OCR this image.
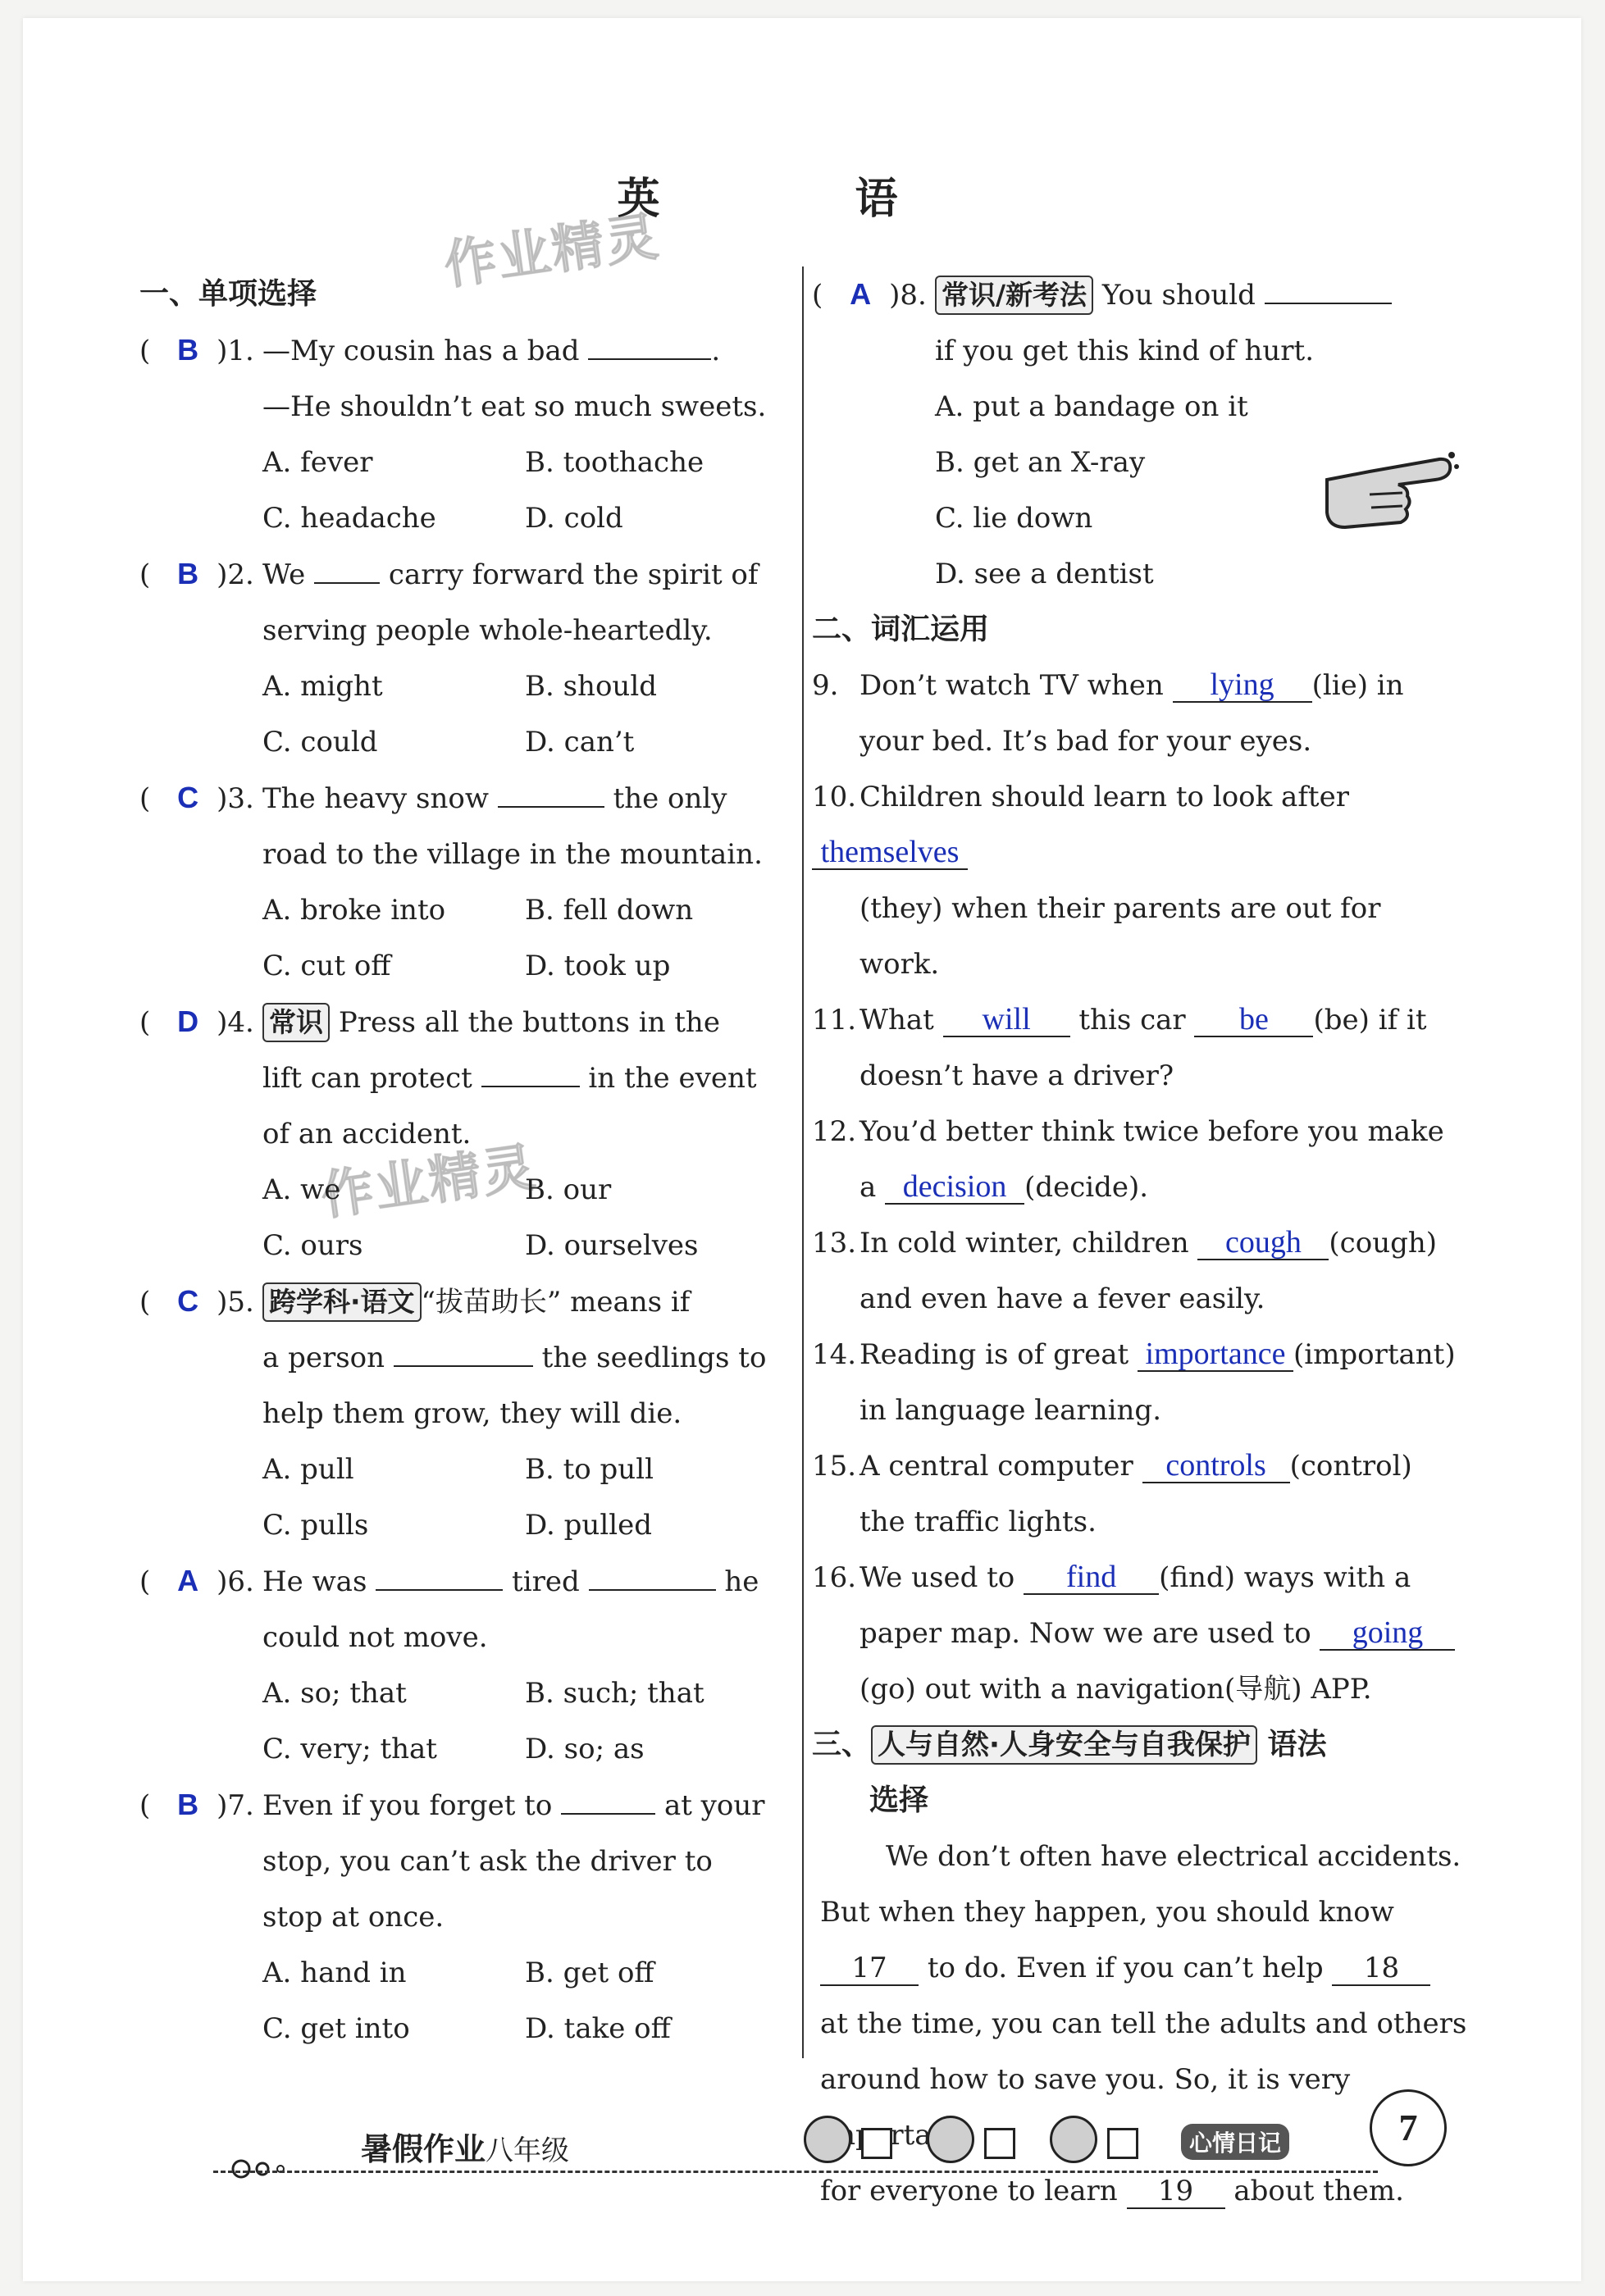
作业精灵
作业精灵
英 语
一、单项选择
( B )1. —My cousin has a bad	.
—He shouldn’t eat so much sweets.
A. fever	B. toothache
C. headache	D. cold
( B )2. We	carry forward the spirit of
serving people whole-heartedly.
A. might	B. should
C. could	D. can’t
( C )3. The heavy snow	the only
road to the village in the mountain.
A. broke into	B. fell down
C. cut off	D. took up
( D )4. 常识 Press all the buttons in the
lift can protect	in the event
of an accident.
A. we	B. our
C. ours	D. ourselves
( C )5. 跨学科·语文 “拔苗助长” means if
a person	the seedlings to
help them grow, they will die.
A. pull	B. to pull
C. pulls	D. pulled
( A )6. He was	tired	he
could not move.
A. so; that	B. such; that
C. very; that	D. so; as
( B )7. Even if you forget to	at your
stop, you can’t ask the driver to
stop at once.
A. hand in	B. get off
C. get into	D. take off
( A )8. 常识/新考法 You should
if you get this kind of hurt.
A. put a bandage on it
B. get an X-ray
C. lie down
D. see a dentist
二、词汇运用
9. Don’t watch TV when lying (lie) in
your bed. It’s bad for your eyes.
10. Children should learn to look after themselves
(they) when their parents are out for work.
11. What will this car be (be) if it
doesn’t have a driver?
12. You’d better think twice before you make
a decision (decide).
13. In cold winter, children cough (cough)
and even have a fever easily.
14. Reading is of great importance (important)
in language learning.
15. A central computer controls (control)
the traffic lights.
16. We used to find (find) ways with a
paper map. Now we are used to going
(go) out with a navigation(导航) APP.
三、 人与自然·人身安全与自我保护 语法
选择
We don’t often have electrical accidents.
But when they happen, you should know
17 to do. Even if you can’t help 18
at the time, you can tell the adults and others
around how to save you. So, it is very
for everyone to learn 19 about them.
暑假作业八年级	心情日记	7
